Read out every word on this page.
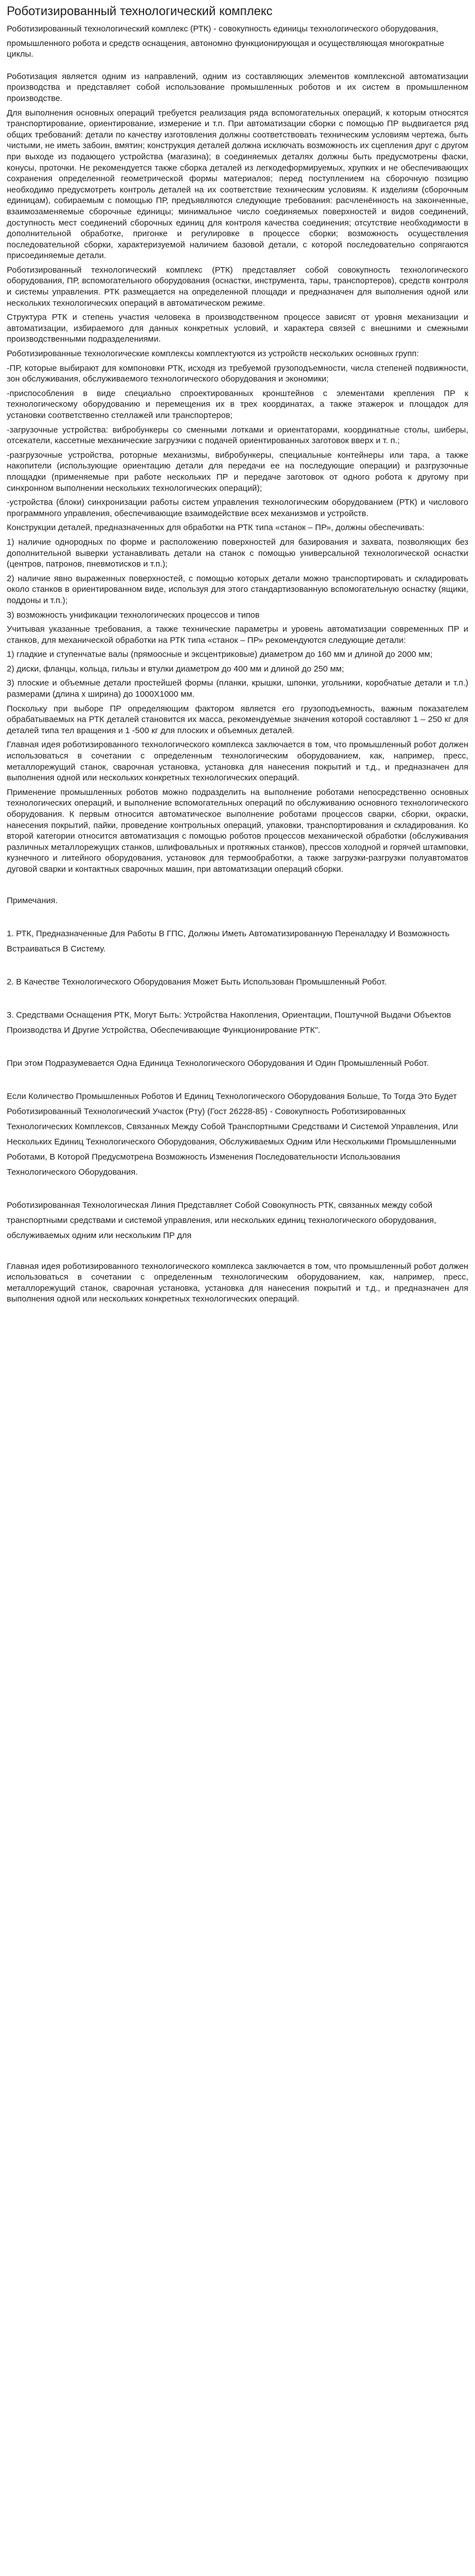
Роботизированный технологический комплекс
Роботизированный технологический комплекс (РТК) - совокупность единицы технологического оборудования,
промышленного робота и средств оснащения, автономно функционирующая и осуществляющая многократные циклы.
Роботизация является одним из направлений, одним из составляющих элементов комплексной автоматизации производства и представляет собой использование промышленных роботов и их систем в промышленном производстве.
Для выполнения основных операций требуется реализация ряда вспомогательных операций, к которым относятся транспортирование, ориентирование, измерение и т.п. При автоматизации сборки с помощью ПР выдвигается ряд общих требований: детали по качеству изготовления должны соответствовать техническим условиям чертежа, быть чистыми, не иметь забоин, вмятин; конструкция деталей должна исключать возможность их сцепления друг с другом при выходе из подающего устройства (магазина); в соединяемых деталях должны быть предусмотрены фаски, конусы, проточки. Не рекомендуется также сборка деталей из легкодеформируемых, хрупких и не обеспечивающих сохранения определенной геометрической формы материалов; перед поступлением на сборочную позицию необходимо предусмотреть контроль деталей на их соответствие техническим условиям. К изделиям (сборочным единицам), собираемым с помощью ПР, предъявляются следующие требования: расчленённость на законченные, взаимозаменяемые сборочные единицы; минимальное число соединяемых поверхностей и видов соединений, доступность мест соединений сборочных единиц для контроля качества соединения; отсутствие необходимости в дополнительной обработке, пригонке и регулировке в процессе сборки; возможность осуществления последовательной сборки, характеризуемой наличием базовой детали, с которой последовательно сопрягаются присоединяемые детали.
Роботизированный технологический комплекс (РТК) представляет собой совокупность технологического оборудования, ПР, вспомогательного оборудования (оснастки, инструмента, тары, транспортеров), средств контроля и системы управления. РТК размещается на определенной площади и предназначен для выполнения одной или нескольких технологических операций в автоматическом режиме.
Структура РТК и степень участия человека в производственном процессе зависят от уровня механизации и автоматизации, избираемого для данных конкретных условий, и характера связей с внешними и смежными производственными подразделениями.
Роботизированные технологические комплексы комплектуются из устройств нескольких основных групп:
-ПР, которые выбирают для компоновки РТК, исходя из требуемой грузоподъемности, числа степеней подвижности, зон обслуживания, обслуживаемого технологического оборудования и экономики;
-приспособления в виде специально спроектированных кронштейнов с элементами крепления ПР к технологическому оборудованию и перемещения их в трех координатах, а также этажерок и площадок для установки соответственно стеллажей или транспортеров;
-загрузочные устройства: вибробункеры со сменными лотками и ориентаторами, координатные столы, шиберы, отсекатели, кассетные механические загрузчики с подачей ориентированных заготовок вверх и т. п.;
-разгрузочные устройства, роторные механизмы, вибробункеры, специальные контейнеры или тара, а также накопители (использующие ориентацию детали для передачи ее на последующие операции) и разгрузочные площадки (применяемые при работе нескольких ПР и передаче заготовок от одного робота к другому при синхронном выполнении нескольких технологических операций);
-устройства (блоки) синхронизации работы систем управления технологическим оборудованием (РТК) и числового программного управления, обеспечивающие взаимодействие всех механизмов и устройств.
Конструкции деталей, предназначенных для обработки на РТК типа «станок – ПР», должны обеспечивать:
1) наличие однородных по форме и расположению поверхностей для базирования и захвата, позволяющих без дополнительной выверки устанавливать детали на станок с помощью универсальной технологической оснастки (центров, патронов, пневмотисков и т.п.);
2) наличие явно выраженных поверхностей, с помощью которых детали можно транспортировать и складировать около станков в ориентированном виде, используя для этого стандартизованную вспомогательную оснастку (ящики, поддоны и т.п.);
3) возможность унификации технологических процессов и типов
Учитывая указанные требования, а также технические параметры и уровень автоматизации современных ПР и станков, для механической обработки на РТК типа «станок – ПР» рекомендуются следующие детали:
1) гладкие и ступенчатые валы (прямоосные и эксцентриковые) диаметром до 160 мм и длиной до 2000 мм;
2) диски, фланцы, кольца, гильзы и втулки диаметром до 400 мм и длиной до 250 мм;
3) плоские и объемные детали простейшей формы (планки, крышки, шпонки, угольники, коробчатые детали и т.п.) размерами (длина х ширина) до 1000Х1000 мм.
Поскольку при выборе ПР определяющим фактором является его грузоподъемность, важным показателем обрабатываемых на РТК деталей становится их масса, рекомендуемые значения которой составляют 1 – 250 кг для деталей типа тел вращения и 1 -500 кг для плоских и объемных деталей.
Главная идея роботизированного технологического комплекса заключается в том, что промышленный робот должен использоваться в сочетании с определенным технологическим оборудованием, как, например, пресс, металлорежущий станок, сварочная установка, установка для нанесения покрытий и т.д., и предназначен для выполнения одной или нескольких конкретных технологических операций.
Применение промышленных роботов можно подразделить на выполнение роботами непосредственно основных технологических операций, и выполнение вспомогательных операций по обслуживанию основного технологического оборудования. К первым относится автоматическое выполнение роботами процессов сварки, сборки, окраски, нанесения покрытий, пайки, проведение контрольных операций, упаковки, транспортирования и складирования. Ко второй категории относится автоматизация с помощью роботов процессов механической обработки (обслуживания различных металлорежущих станков, шлифовальных и протяжных станков), прессов холодной и горячей штамповки, кузнечного и литейного оборудования, установок для термообработки, а также загрузки-разгрузки полуавтоматов дуговой сварки и контактных сварочных машин, при автоматизации операций сборки.
Примечания.
1. РТК, Предназначенные Для Работы В ГПС, Должны Иметь Автоматизированную Переналадку И Возможность Встраиваться В Систему.
2. В Качестве Технологического Оборудования Может Быть Использован Промышленный Робот.
3. Средствами Оснащения РТК, Могут Быть: Устройства Накопления, Ориентации, Поштучной Выдачи Объектов Производства И Другие Устройства, Обеспечивающие Функционирование РТК".
При этом Подразумевается Одна Единица Технологического Оборудования И Один Промышленный Робот.
Если Количество Промышленных Роботов И Единиц Технологического Оборудования Больше, То Тогда Это Будет Роботизированный Технологический Участок (Рту) (Гост 26228-85) - Совокупность Роботизированных Технологических Комплексов, Связанных Между Собой Транспортными Средствами И Системой Управления, Или Нескольких Единиц Технологического Оборудования, Обслуживаемых Одним Или Несколькими Промышленными Роботами, В Которой Предусмотрена Возможность Изменения Последовательности Использования Технологического Оборудования.
Роботизированная Технологическая Линия Представляет Собой Совокупность РТК, связанных между собой транспортными средствами и системой управления, или нескольких единиц технологического оборудования, обслуживаемых одним или нескольким ПР для
Главная идея роботизированного технологического комплекса заключается в том, что промышленный робот должен использоваться в сочетании с определенным технологическим оборудованием, как, например, пресс, металлорежущий станок, сварочная установка, установка для нанесения покрытий и т.д., и предназначен для выполнения одной или нескольких конкретных технологических операций.
